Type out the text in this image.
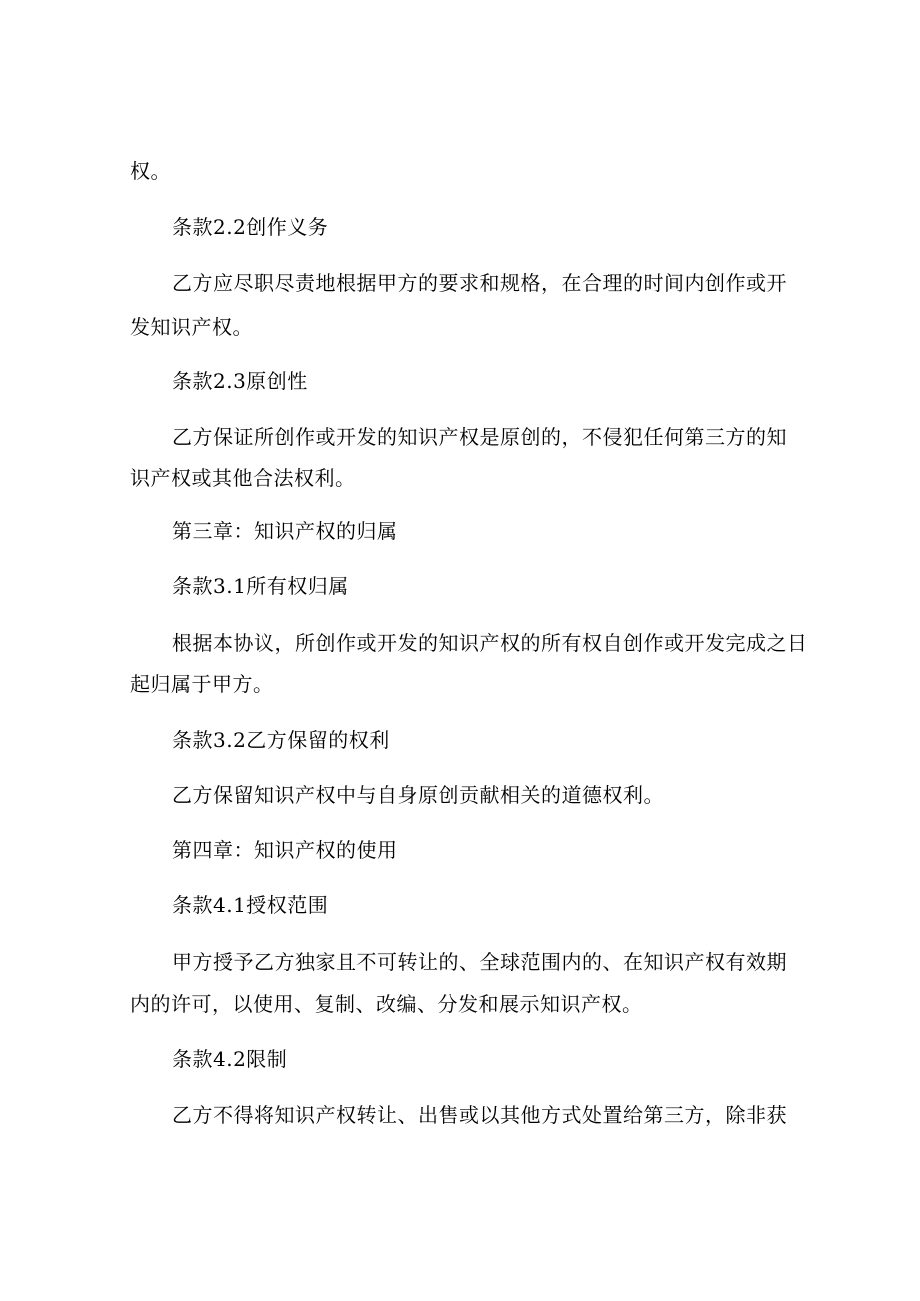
权。
条款2.2创作义务
乙方应尽职尽责地根据甲方的要求和规格，在合理的时间内创作或开
发知识产权。
条款2.3原创性
乙方保证所创作或开发的知识产权是原创的，不侵犯任何第三方的知
识产权或其他合法权利。
第三章：知识产权的归属
条款3.1所有权归属
根据本协议，所创作或开发的知识产权的所有权自创作或开发完成之日
起归属于甲方。
条款3.2乙方保留的权利
乙方保留知识产权中与自身原创贡献相关的道德权利。
第四章：知识产权的使用
条款4.1授权范围
甲方授予乙方独家且不可转让的、全球范围内的、在知识产权有效期
内的许可，以使用、复制、改编、分发和展示知识产权。
条款4.2限制
乙方不得将知识产权转让、出售或以其他方式处置给第三方，除非获
